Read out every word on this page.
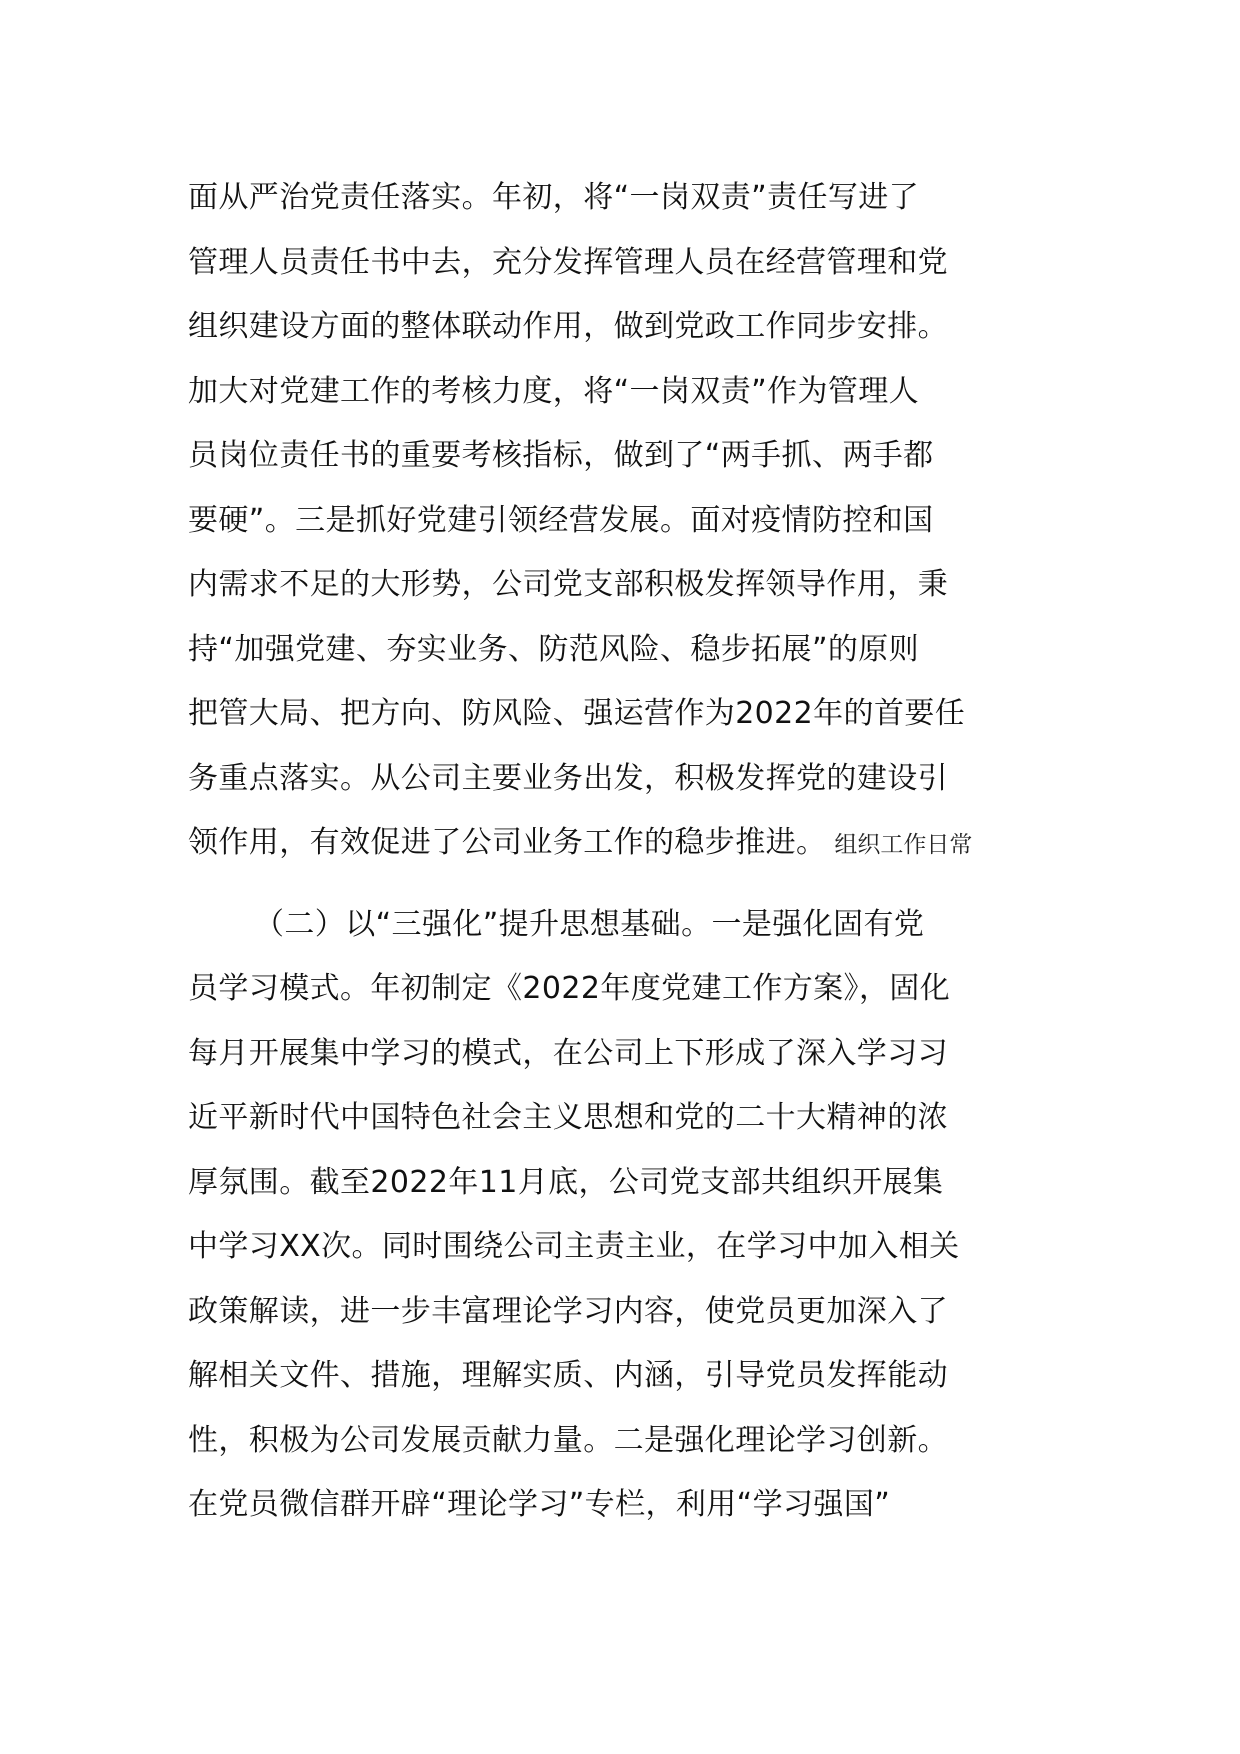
面从严治党责任落实。年初，将“一岗双责”责任写进了
管理人员责任书中去，充分发挥管理人员在经营管理和党
组织建设方面的整体联动作用，做到党政工作同步安排。
加大对党建工作的考核力度，将“一岗双责”作为管理人
员岗位责任书的重要考核指标，做到了“两手抓、两手都
要硬”。三是抓好党建引领经营发展。面对疫情防控和国
内需求不足的大形势，公司党支部积极发挥领导作用，秉
持“加强党建、夯实业务、防范风险、稳步拓展”的原则
把管大局、把方向、防风险、强运营作为2022年的首要任
务重点落实。从公司主要业务出发，积极发挥党的建设引
领作用，有效促进了公司业务工作的稳步推进。 组织工作日常
（二）以“三强化”提升思想基础。一是强化固有党
员学习模式。年初制定《2022年度党建工作方案》，固化
每月开展集中学习的模式，在公司上下形成了深入学习习
近平新时代中国特色社会主义思想和党的二十大精神的浓
厚氛围。截至2022年11月底，公司党支部共组织开展集
中学习XX次。同时围绕公司主责主业，在学习中加入相关
政策解读，进一步丰富理论学习内容，使党员更加深入了
解相关文件、措施，理解实质、内涵，引导党员发挥能动
性，积极为公司发展贡献力量。二是强化理论学习创新。
在党员微信群开辟“理论学习”专栏，利用“学习强国”
